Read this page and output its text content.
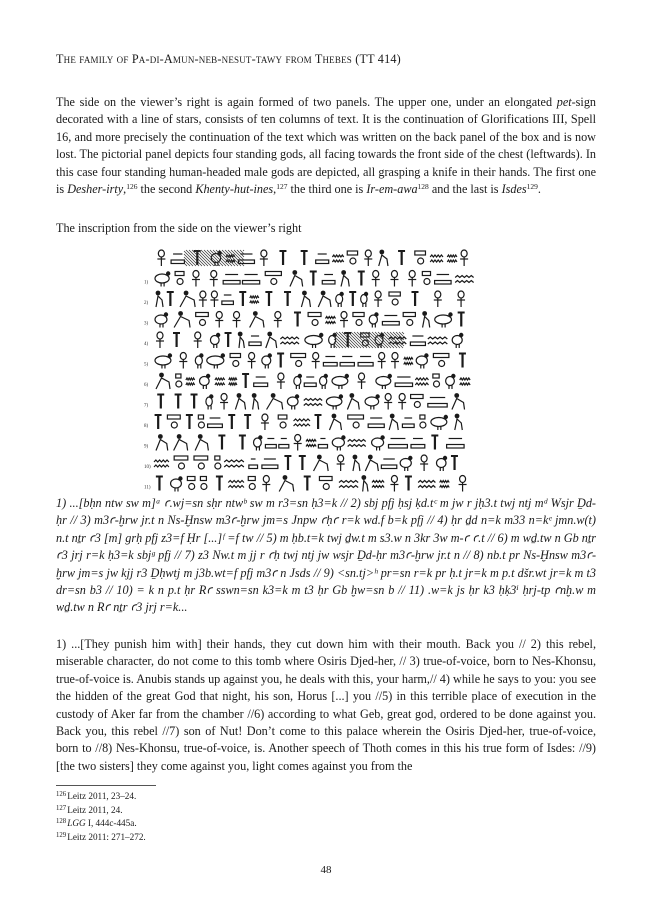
The family of Pa-di-Amun-neb-nesut-tawy from Thebes (TT 414)

The side on the viewer’s right is again formed of two panels. The upper one, under an elongated pet-sign decorated with a line of stars, consists of ten columns of text. It is the continuation of Glorifications III, Spell 16, and more precisely the continuation of the text which was written on the back panel of the box and is now lost. The pictorial panel depicts four standing gods, all facing towards the front side of the chest (leftwards). In this case four standing human-headed male gods are depicted, all grasping a knife in their hands. The first one is Desher-irty,$^{126}$ the second Khenty-hut-ines,$^{127}$ the third one is Ir-em-awa$^{128}$ and the last is Isdes$^{129}$.

The inscription from the side on the viewer’s right
1)
2)
3)
4)
5)
6)
7)
8)
9)
10)
11)
1) ...[bḥn ntw sw m]ᵃ ꜥ.wj=sn sḥr ntwᵇ sw m r3=sn ḥ3=k // 2) sbj pfj ḥsj ḳd.tᶜ m jw r jḥ3.t twj ntj mᵈ Wsjr Ḏd-ḥr // 3) m3ꜥ-ḫrw jr.t n Ns-Ḫnsw m3ꜥ-ḫrw jm=s Jnpw ꜥḥꜥ r=k wd.f b=k pfj // 4) ḥr ḏd n=k m33 n=kᵉ jmn.w(t) n.t nṯr ꜥ3 [m] grḥ pfj z3=f Ḥr [...]ᶠ =f tw // 5) m ḥb.t=k twj ḏw.t m s3.w n 3kr 3w m-ꜥ ꜥ.t // 6) m wḏ.tw n Gb nṯr ꜥ3 jrj r=k ḥ3=k sbjᵍ pfj // 7) z3 Nw.t m jj r ꜥḥ twj ntj jw wsjr Ḏd-ḥr m3ꜥ-ḫrw jr.t n // 8) nb.t pr Ns-Ḫnsw m3ꜥ-ḫrw jm=s jw kjj r3 Ḏḥwtj m j3b.wt=f pfj m3ꜥ n Jsds // 9) <sn.tj>ʰ pr=sn r=k pr ḥ.t jr=k m p.t dšr.wt jr=k m t3 dr=sn b3 // 10) = k n p.t ḥr Rꜥ sswn=sn k3=k m t3 ḥr Gb ḫw=sn b // 11) .w=k js ḥr k3 ḥḳ3ⁱ ḥrj-tp ꜥnḫ.w m wḏ.tw n Rꜥ nṯr ꜥ3 jrj r=k...
1) ...[They punish him with] their hands, they cut down him with their mouth. Back you // 2) this rebel, miserable character, do not come to this tomb where Osiris Djed-her, // 3) true-of-voice, born to Nes-Khonsu, true-of-voice is. Anubis stands up against you, he deals with this, your harm,// 4) while he says to you: you see the hidden of the great God that night, his son, Horus [...] you //5) in this terrible place of execution in the custody of Aker far from the chamber //6) according to what Geb, great god, ordered to be done against you. Back you, this rebel //7) son of Nut! Don’t come to this palace wherein the Osiris Djed-her, true-of-voice, born to //8) Nes-Khonsu, true-of-voice, is. Another speech of Thoth comes in this his true form of Isdes: //9) [the two sisters] they come against you, light comes against you from the
$^{126}$Leitz 2011, 23–24.
$^{127}$Leitz 2011, 24.
$^{128}$LGG I, 444c-445a.
$^{129}$Leitz 2011: 271–272.
48
